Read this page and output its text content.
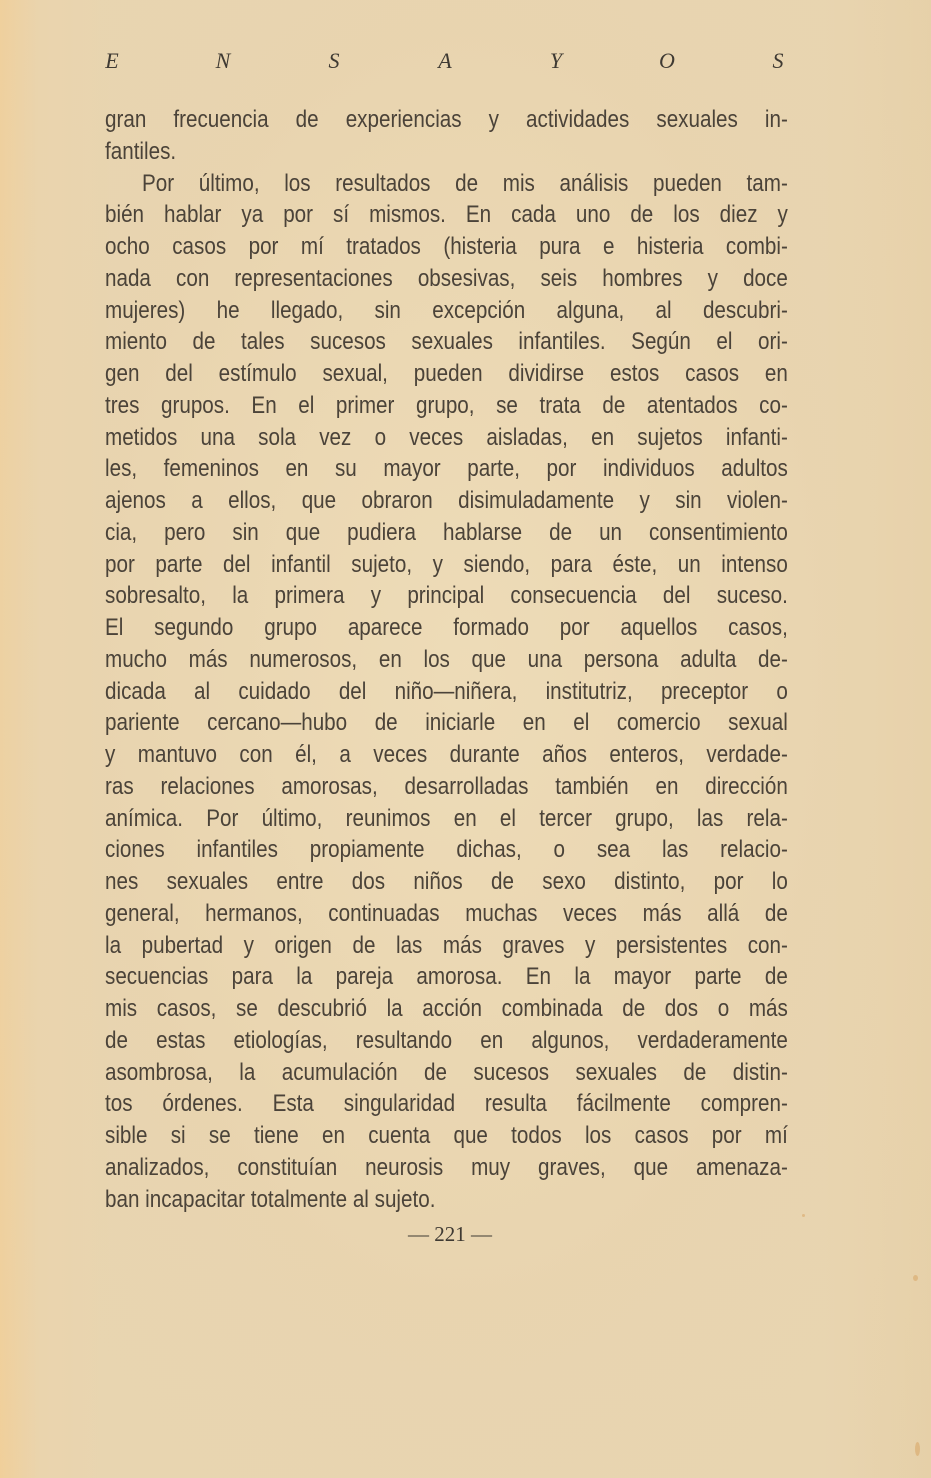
E	N	S	A	Y	O	S
gran frecuencia de experiencias y actividades sexuales in-
fantiles.
Por último, los resultados de mis análisis pueden tam-
bién hablar ya por sí mismos. En cada uno de los diez y
ocho casos por mí tratados (histeria pura e histeria combi-
nada con representaciones obsesivas, seis hombres y doce
mujeres) he llegado, sin excepción alguna, al descubri-
miento de tales sucesos sexuales infantiles. Según el ori-
gen del estímulo sexual, pueden dividirse estos casos en
tres grupos. En el primer grupo, se trata de atentados co-
metidos una sola vez o veces aisladas, en sujetos infanti-
les, femeninos en su mayor parte, por individuos adultos
ajenos a ellos, que obraron disimuladamente y sin violen-
cia, pero sin que pudiera hablarse de un consentimiento
por parte del infantil sujeto, y siendo, para éste, un intenso
sobresalto, la primera y principal consecuencia del suceso.
El segundo grupo aparece formado por aquellos casos,
mucho más numerosos, en los que una persona adulta de-
dicada al cuidado del niño—niñera, institutriz, preceptor o
pariente cercano—hubo de iniciarle en el comercio sexual
y mantuvo con él, a veces durante años enteros, verdade-
ras relaciones amorosas, desarrolladas también en dirección
anímica. Por último, reunimos en el tercer grupo, las rela-
ciones infantiles propiamente dichas, o sea las relacio-
nes sexuales entre dos niños de sexo distinto, por lo
general, hermanos, continuadas muchas veces más allá de
la pubertad y origen de las más graves y persistentes con-
secuencias para la pareja amorosa. En la mayor parte de
mis casos, se descubrió la acción combinada de dos o más
de estas etiologías, resultando en algunos, verdaderamente
asombrosa, la acumulación de sucesos sexuales de distin-
tos órdenes. Esta singularidad resulta fácilmente compren-
sible si se tiene en cuenta que todos los casos por mí
analizados, constituían neurosis muy graves, que amenaza-
ban incapacitar totalmente al sujeto.
— 221 —
